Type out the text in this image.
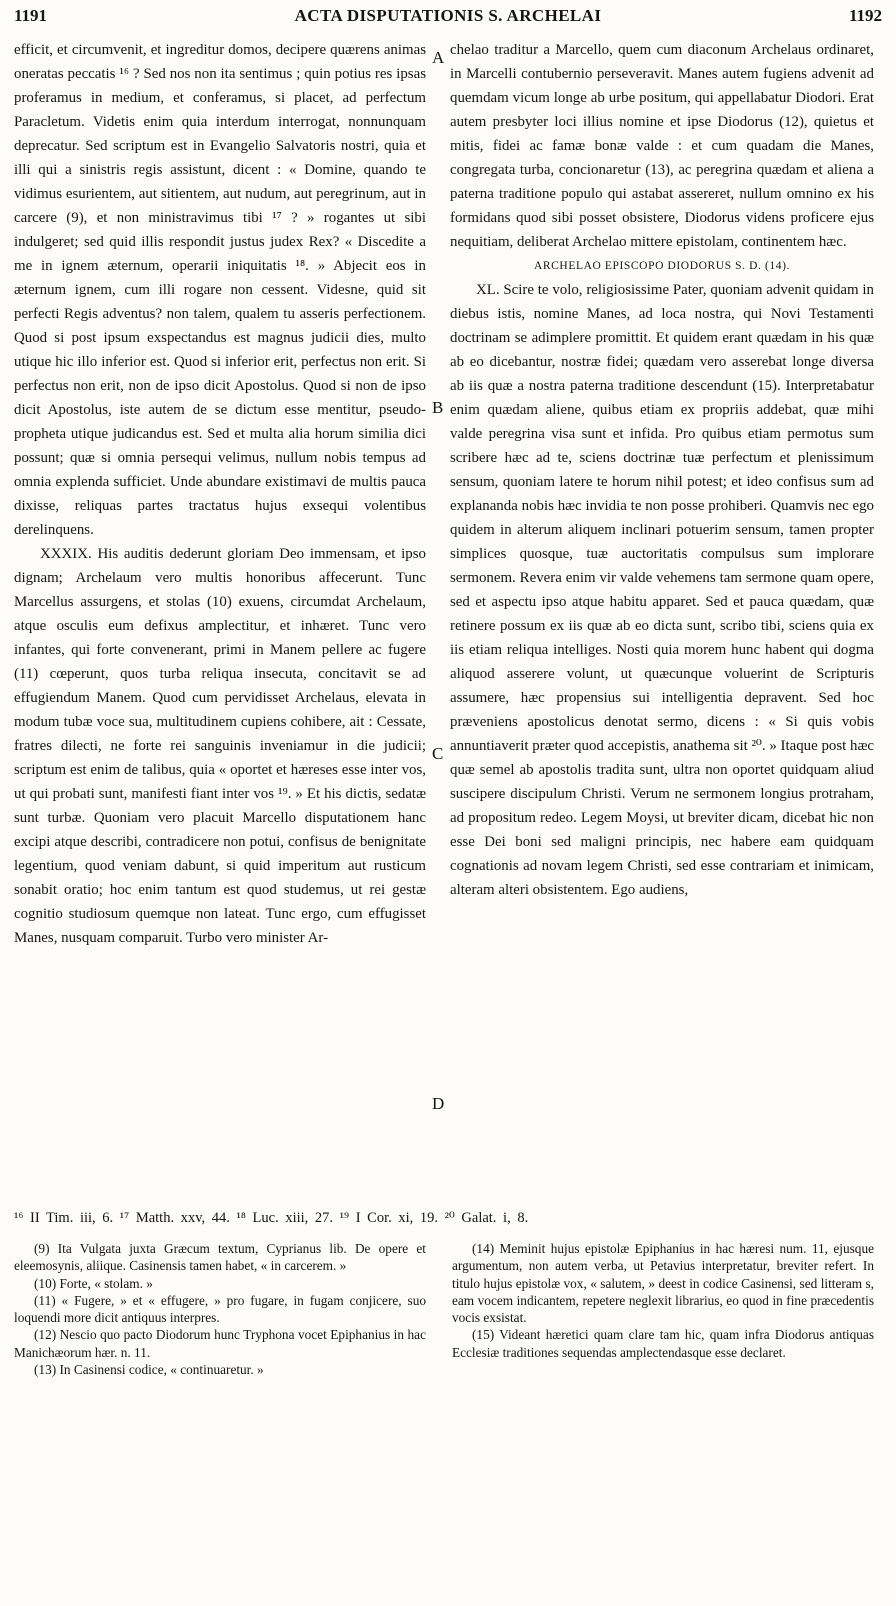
1191	ACTA DISPUTATIONIS S. ARCHELAI	1192

efficit, et circumvenit, et ingreditur domos, decipere quærens animas oneratas peccatis ¹⁶ ? Sed nos non ita sentimus ; quin potius res ipsas proferamus in medium, et conferamus, si placet, ad perfectum Paracletum. Videtis enim quia interdum interrogat, nonnunquam deprecatur. Sed scriptum est in Evangelio Salvatoris nostri, quia et illi qui a sinistris regis assistunt, dicent : « Domine, quando te vidimus esurientem, aut sitientem, aut nudum, aut peregrinum, aut in carcere (9), et non ministravimus tibi ¹⁷ ? » rogantes ut sibi indulgeret; sed quid illis respondit justus judex Rex? « Discedite a me in ignem æternum, operarii iniquitatis ¹⁸. » Abjecit eos in æternum ignem, cum illi rogare non cessent. Videsne, quid sit perfecti Regis adventus? non talem, qualem tu asseris perfectionem. Quod si post ipsum exspectandus est magnus judicii dies, multo utique hic illo inferior est. Quod si inferior erit, perfectus non erit. Si perfectus non erit, non de ipso dicit Apostolus. Quod si non de ipso dicit Apostolus, iste autem de se dictum esse mentitur, pseudo-propheta utique judicandus est. Sed et multa alia horum similia dici possunt; quæ si omnia persequi velimus, nullum nobis tempus ad omnia explenda sufficiet. Unde abundare existimavi de multis pauca dixisse, reliquas partes tractatus hujus exsequi volentibus derelinquens.

XXXIX. His auditis dederunt gloriam Deo immensam, et ipso dignam; Archelaum vero multis honoribus affecerunt. Tunc Marcellus assurgens, et stolas (10) exuens, circumdat Archelaum, atque osculis eum defixus amplectitur, et inhæret. Tunc vero infantes, qui forte convenerant, primi in Manem pellere ac fugere (11) cœperunt, quos turba reliqua insecuta, concitavit se ad effugiendum Manem. Quod cum pervidisset Archelaus, elevata in modum tubæ voce sua, multitudinem cupiens cohibere, ait : Cessate, fratres dilecti, ne forte rei sanguinis inveniamur in die judicii; scriptum est enim de talibus, quia « oportet et hæreses esse inter vos, ut qui probati sunt, manifesti fiant inter vos ¹⁹. » Et his dictis, sedatæ sunt turbæ. Quoniam vero placuit Marcello disputationem hanc excipi atque describi, contradicere non potui, confisus de benignitate legentium, quod veniam dabunt, si quid imperitum aut rusticum sonabit oratio; hoc enim tantum est quod studemus, ut rei gestæ cognitio studiosum quemque non lateat. Tunc ergo, cum effugisset Manes, nusquam comparuit. Turbo vero minister Ar-

A
B
C
D

chelao traditur a Marcello, quem cum diaconum Archelaus ordinaret, in Marcelli contubernio perseveravit. Manes autem fugiens advenit ad quemdam vicum longe ab urbe positum, qui appellabatur Diodori. Erat autem presbyter loci illius nomine et ipse Diodorus (12), quietus et mitis, fidei ac famæ bonæ valde : et cum quadam die Manes, congregata turba, concionaretur (13), ac peregrina quædam et aliena a paterna traditione populo qui astabat assereret, nullum omnino ex his formidans quod sibi posset obsistere, Diodorus videns proficere ejus nequitiam, deliberat Archelao mittere epistolam, continentem hæc.

ARCHELAO EPISCOPO DIODORUS S. D. (14).

XL. Scire te volo, religiosissime Pater, quoniam advenit quidam in diebus istis, nomine Manes, ad loca nostra, qui Novi Testamenti doctrinam se adimplere promittit. Et quidem erant quædam in his quæ ab eo dicebantur, nostræ fidei; quædam vero asserebat longe diversa ab iis quæ a nostra paterna traditione descendunt (15). Interpretabatur enim quædam aliene, quibus etiam ex propriis addebat, quæ mihi valde peregrina visa sunt et infida. Pro quibus etiam permotus sum scribere hæc ad te, sciens doctrinæ tuæ perfectum et plenissimum sensum, quoniam latere te horum nihil potest; et ideo confisus sum ad explananda nobis hæc invidia te non posse prohiberi. Quamvis nec ego quidem in alterum aliquem inclinari potuerim sensum, tamen propter simplices quosque, tuæ auctoritatis compulsus sum implorare sermonem. Revera enim vir valde vehemens tam sermone quam opere, sed et aspectu ipso atque habitu apparet. Sed et pauca quædam, quæ retinere possum ex iis quæ ab eo dicta sunt, scribo tibi, sciens quia ex iis etiam reliqua intelliges. Nosti quia morem hunc habent qui dogma aliquod asserere volunt, ut quæcunque voluerint de Scripturis assumere, hæc propensius sui intelligentia depravent. Sed hoc præveniens apostolicus denotat sermo, dicens : « Si quis vobis annuntiaverit præter quod accepistis, anathema sit ²⁰. » Itaque post hæc quæ semel ab apostolis tradita sunt, ultra non oportet quidquam aliud suscipere discipulum Christi. Verum ne sermonem longius protraham, ad propositum redeo. Legem Moysi, ut breviter dicam, dicebat hic non esse Dei boni sed maligni principis, nec habere eam quidquam cognationis ad novam legem Christi, sed esse contrariam et inimicam, alteram alteri obsistentem. Ego audiens,

¹⁶ II Tim. iii, 6. ¹⁷ Matth. xxv, 44. ¹⁸ Luc. xiii, 27. ¹⁹ I Cor. xi, 19. ²⁰ Galat. i, 8.

(9) Ita Vulgata juxta Græcum textum, Cyprianus lib. De opere et eleemosynis, aliique. Casinensis tamen habet, « in carcerem. »

(10) Forte, « stolam. »

(11) « Fugere, » et « effugere, » pro fugare, in fugam conjicere, suo loquendi more dicit antiquus interpres.

(12) Nescio quo pacto Diodorum hunc Tryphona vocet Epiphanius in hac Manichæorum hær. n. 11.

(13) In Casinensi codice, « continuaretur. »

(14) Meminit hujus epistolæ Epiphanius in hac hæresi num. 11, ejusque argumentum, non autem verba, ut Petavius interpretatur, breviter refert. In titulo hujus epistolæ vox, « salutem, » deest in codice Casinensi, sed litteram s, eam vocem indicantem, repetere neglexit librarius, eo quod in fine præcedentis vocis exsistat.

(15) Videant hæretici quam clare tam hic, quam infra Diodorus antiquas Ecclesiæ traditiones sequendas amplectendasque esse declaret.
